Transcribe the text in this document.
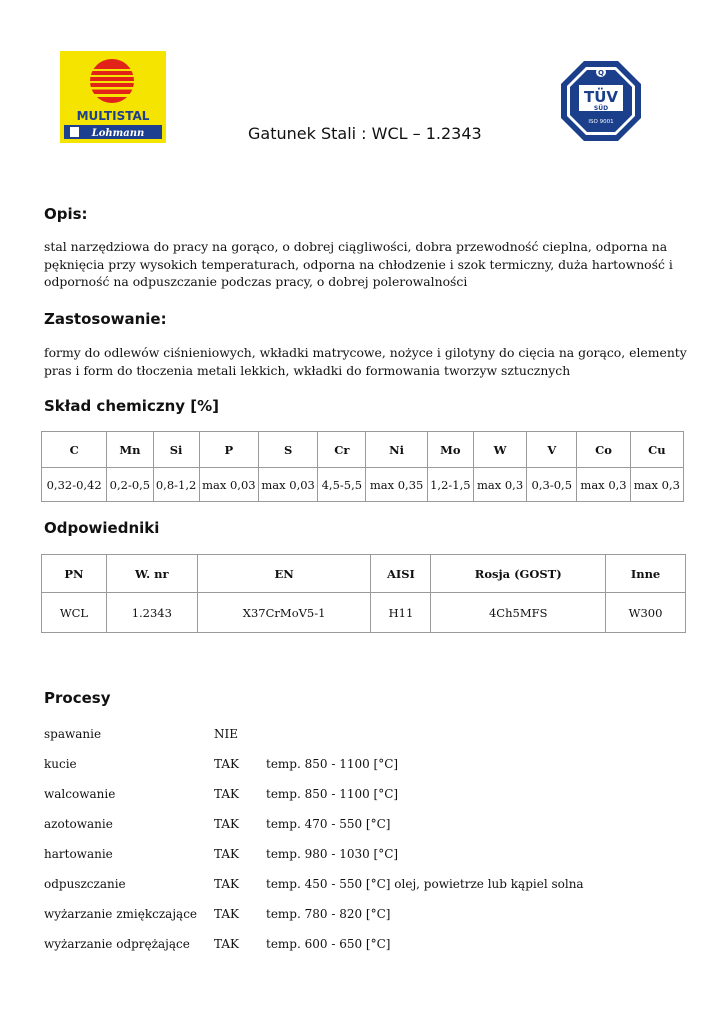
MULTISTAL
Lohmann
Q
TÜV
SÜD
ISO 9001
Gatunek Stali : WCL – 1.2343
Opis:
stal narzędziowa do pracy na gorąco, o dobrej ciągliwości, dobra przewodność cieplna, odporna na pęknięcia przy wysokich temperaturach, odporna na chłodzenie i szok termiczny, duża hartowność i odporność na odpuszczanie podczas pracy, o dobrej polerowalności
Zastosowanie:
formy do odlewów ciśnieniowych, wkładki matrycowe, nożyce i gilotyny do cięcia na gorąco, elementy pras i form do tłoczenia metali lekkich, wkładki do formowania tworzyw sztucznych
Skład chemiczny [%]
C	Mn	Si	P	S	Cr	Ni	Mo	W	V	Co	Cu
0,32-0,42	0,2-0,5	0,8-1,2	max 0,03	max 0,03	4,5-5,5	max 0,35	1,2-1,5	max 0,3	0,3-0,5	max 0,3	max 0,3
Odpowiedniki
PN	W. nr	EN	AISI	Rosja (GOST)	Inne
WCL	1.2343	X37CrMoV5-1	H11	4Ch5MFS	W300
Procesy
spawanie	NIE
kucie	TAK temp. 850 - 1100 [°C]
walcowanie	TAK temp. 850 - 1100 [°C]
azotowanie	TAK temp. 470 - 550 [°C]
hartowanie	TAK temp. 980 - 1030 [°C]
odpuszczanie	TAK temp. 450 - 550 [°C] olej, powietrze lub kąpiel solna
wyżarzanie zmiękczające TAK temp. 780 - 820 [°C]
wyżarzanie odprężające TAK temp. 600 - 650 [°C]
